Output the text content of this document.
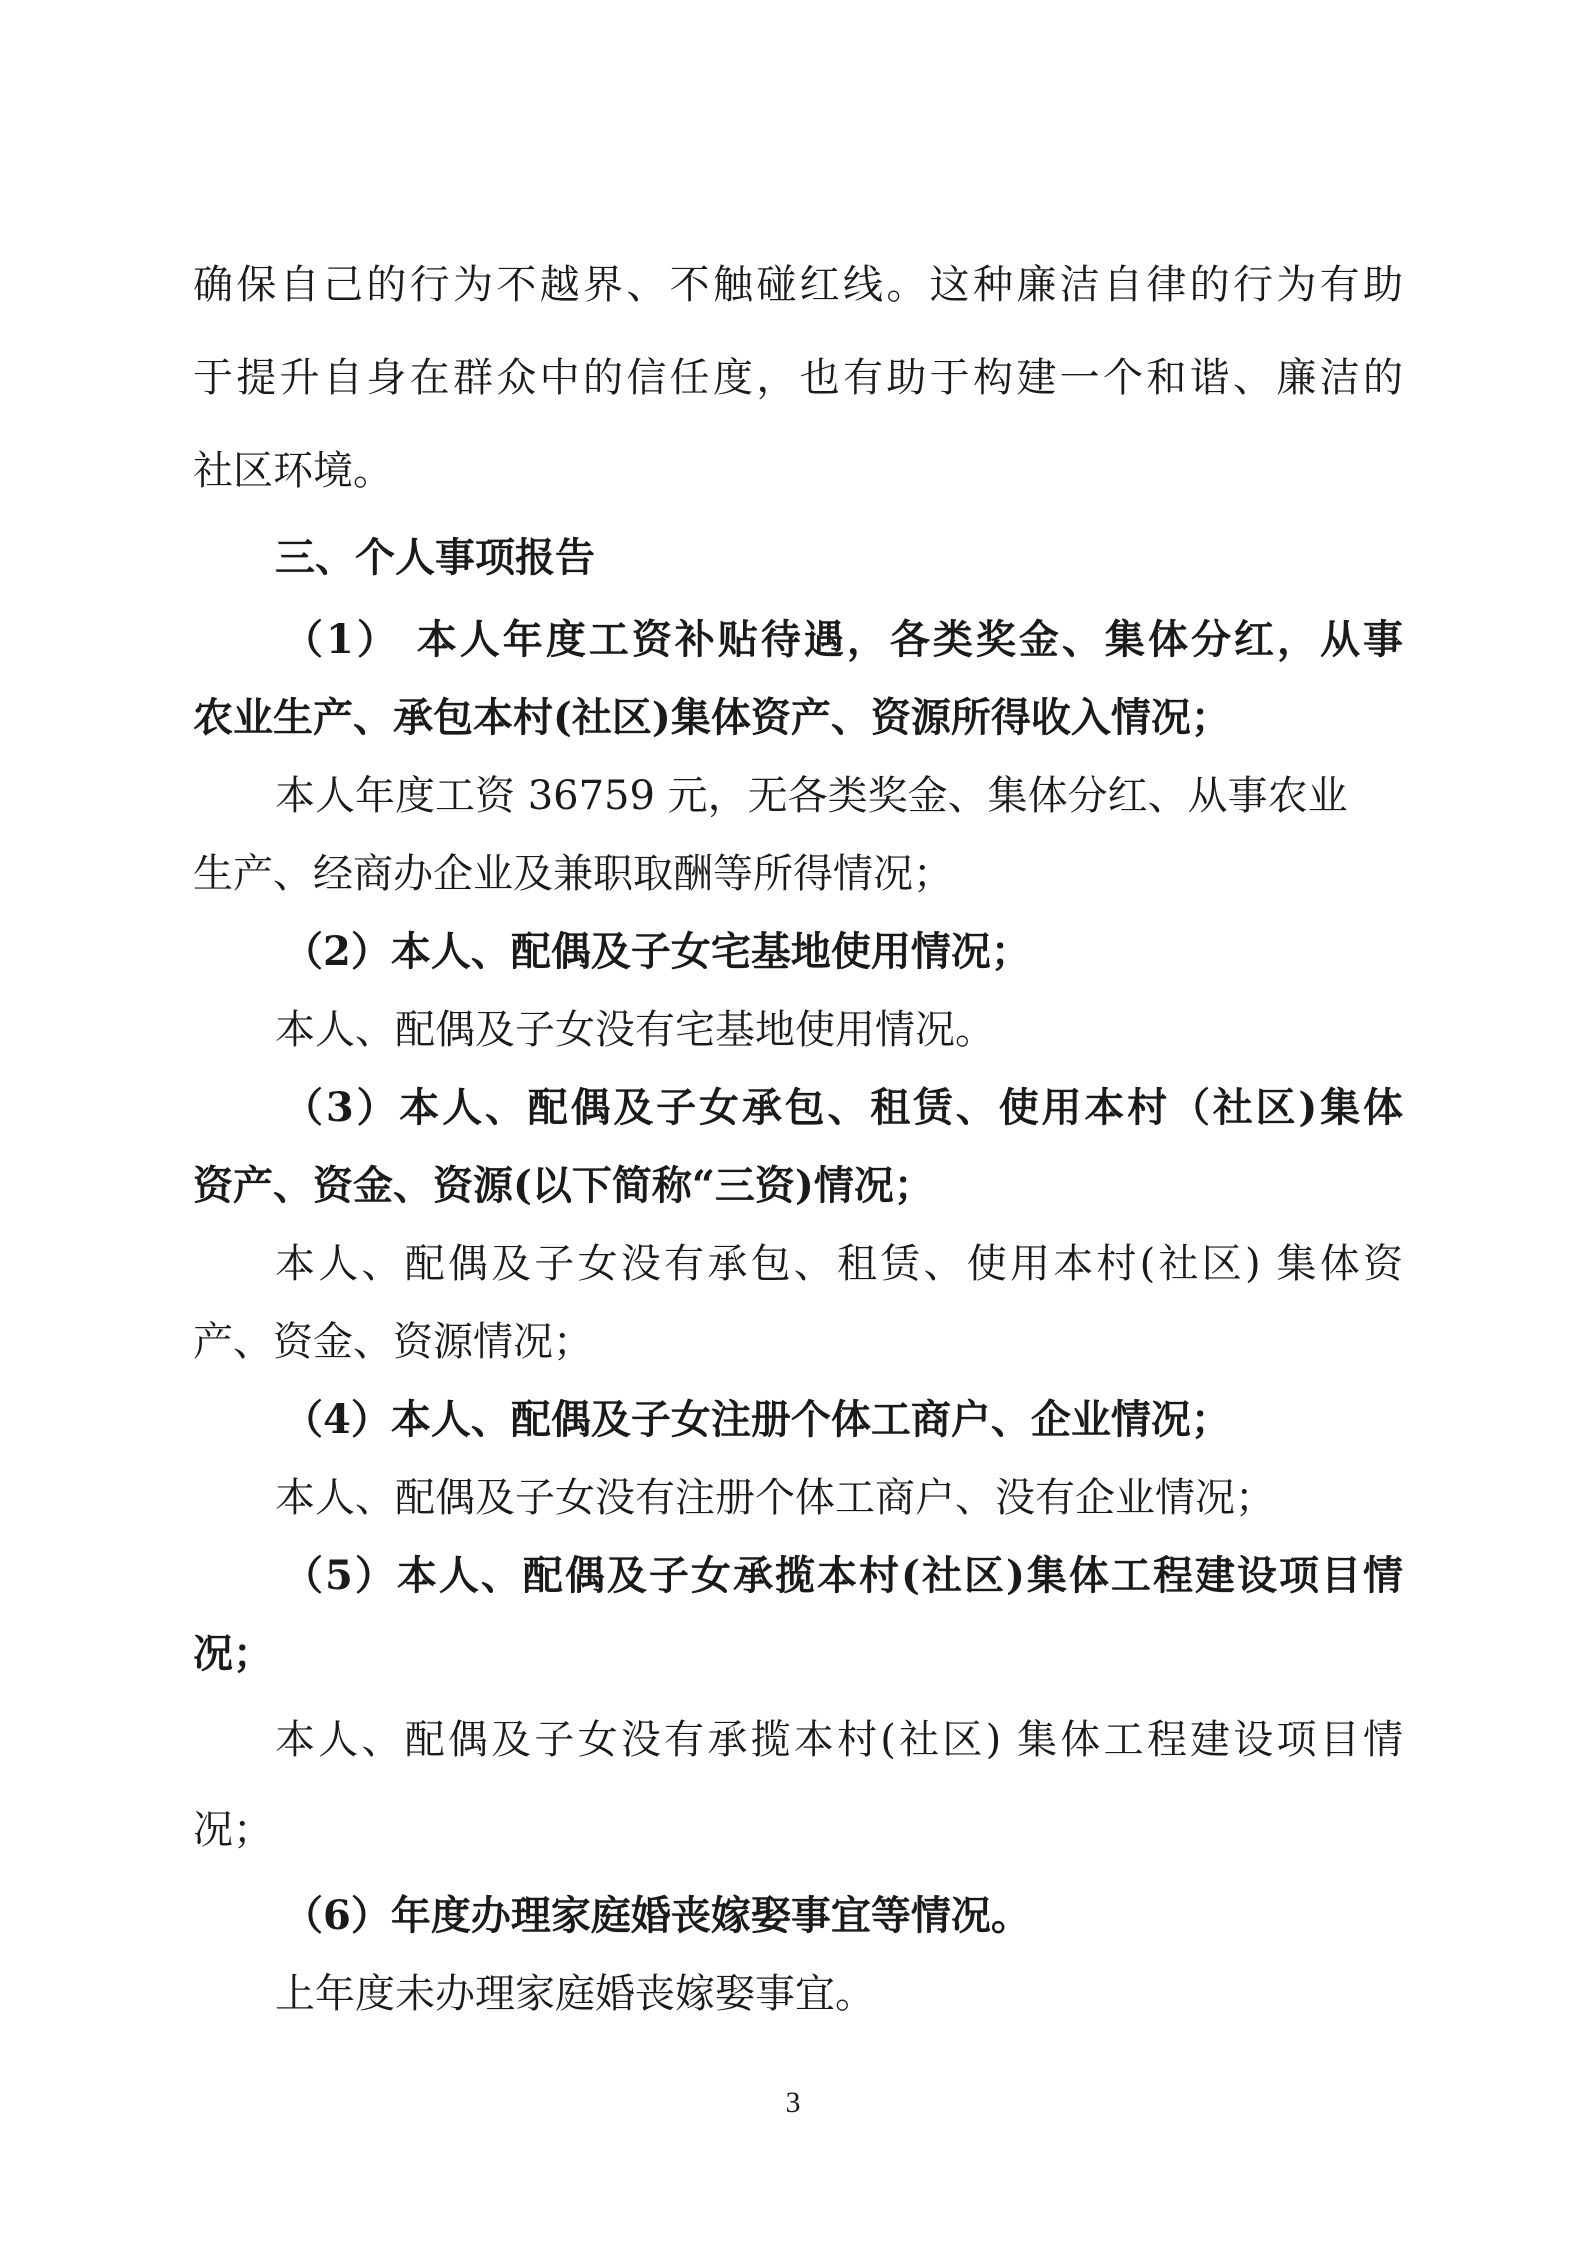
确保自己的行为不越界、不触碰红线。这种廉洁自律的行为有助

于提升自身在群众中的信任度，也有助于构建一个和谐、廉洁的

社区环境。

三、个人事项报告

（1） 本人年度工资补贴待遇，各类奖金、集体分红，从事

农业生产、承包本村(社区)集体资产、资源所得收入情况；

本人年度工资 36759 元，无各类奖金、集体分红、从事农业

生产、经商办企业及兼职取酬等所得情况；

（2）本人、配偶及子女宅基地使用情况；

本人、配偶及子女没有宅基地使用情况。

（3）本人、配偶及子女承包、租赁、使用本村（社区)集体

资产、资金、资源(以下简称“三资)情况；

本人、配偶及子女没有承包、租赁、使用本村(社区) 集体资

产、资金、资源情况；

（4）本人、配偶及子女注册个体工商户、企业情况；

本人、配偶及子女没有注册个体工商户、没有企业情况；

（5）本人、配偶及子女承揽本村(社区)集体工程建设项目情

况；

本人、配偶及子女没有承揽本村(社区) 集体工程建设项目情

况；

（6）年度办理家庭婚丧嫁娶事宜等情况。

上年度未办理家庭婚丧嫁娶事宜。

3
